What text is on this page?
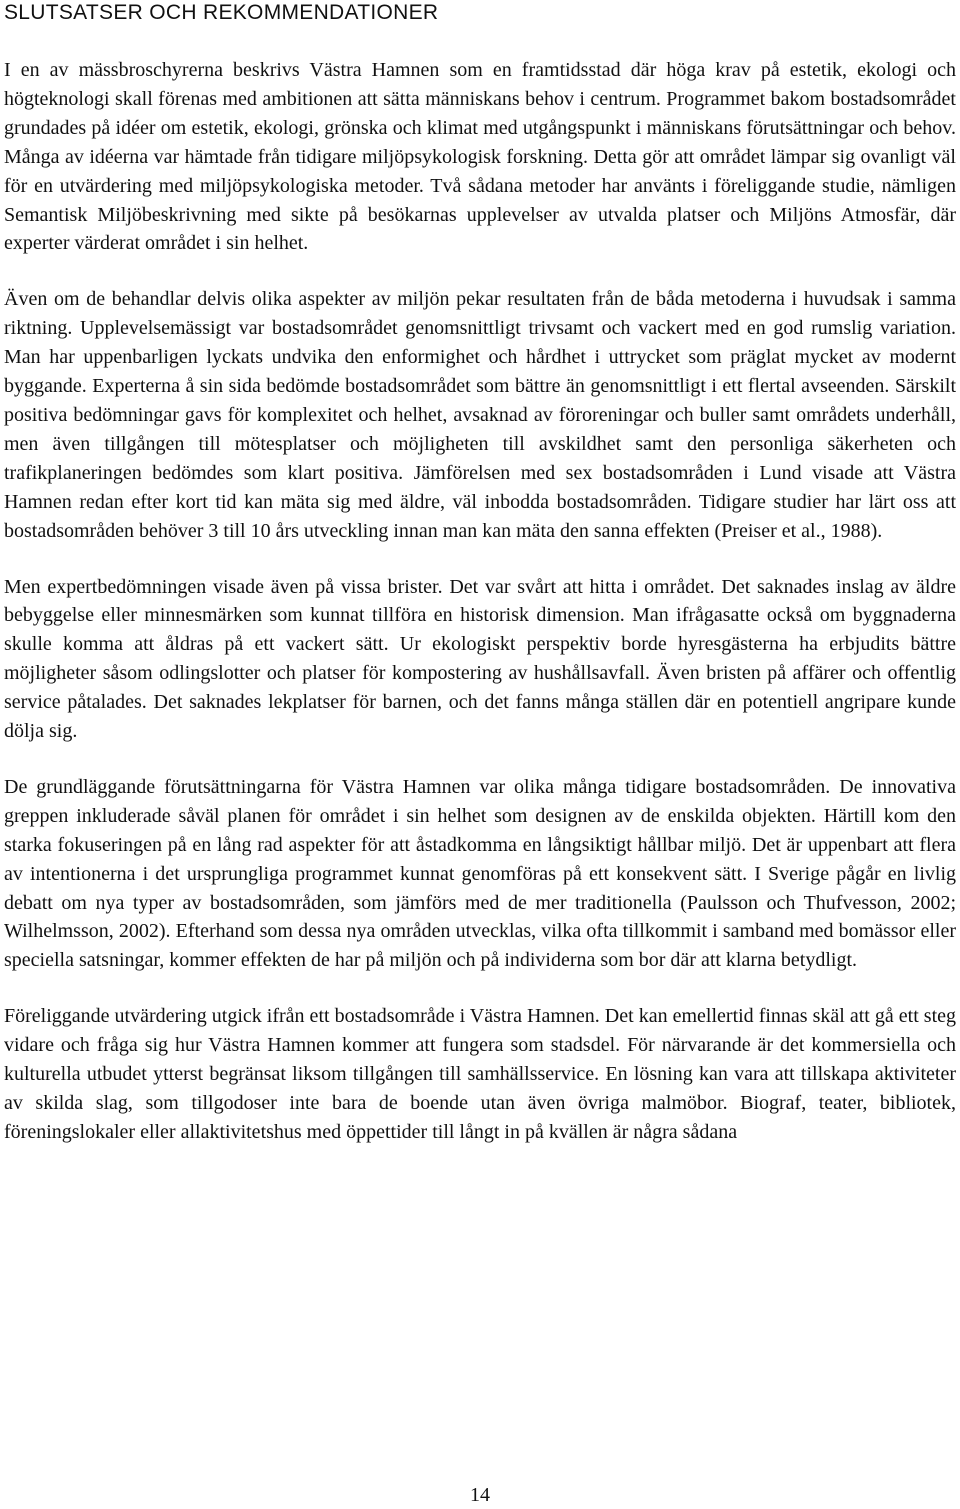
SLUTSATSER OCH REKOMMENDATIONER

I en av mässbroschyrerna beskrivs Västra Hamnen som en framtidsstad där höga krav på estetik, ekologi och högteknologi skall förenas med ambitionen att sätta människans behov i centrum. Programmet bakom bostadsområdet grundades på idéer om estetik, ekologi, grönska och klimat med utgångspunkt i människans förutsättningar och behov. Många av idéerna var hämtade från tidigare miljöpsykologisk forskning. Detta gör att området lämpar sig ovanligt väl för en utvärdering med miljöpsykologiska metoder. Två sådana metoder har använts i föreliggande studie, nämligen Semantisk Miljöbeskrivning med sikte på besökarnas upplevelser av utvalda platser och Miljöns Atmosfär, där experter värderat området i sin helhet.

Även om de behandlar delvis olika aspekter av miljön pekar resultaten från de båda metoderna i huvudsak i samma riktning. Upplevelsemässigt var bostadsområdet genomsnittligt trivsamt och vackert med en god rumslig variation. Man har uppenbarligen lyckats undvika den enformighet och hårdhet i uttrycket som präglat mycket av modernt byggande. Experterna å sin sida bedömde bostadsområdet som bättre än genomsnittligt i ett flertal avseenden. Särskilt positiva bedömningar gavs för komplexitet och helhet, avsaknad av föroreningar och buller samt områdets underhåll, men även tillgången till mötesplatser och möjligheten till avskildhet samt den personliga säkerheten och trafikplaneringen bedömdes som klart positiva. Jämförelsen med sex bostadsområden i Lund visade att Västra Hamnen redan efter kort tid kan mäta sig med äldre, väl inbodda bostadsområden. Tidigare studier har lärt oss att bostadsområden behöver 3 till 10 års utveckling innan man kan mäta den sanna effekten (Preiser et al., 1988).

Men expertbedömningen visade även på vissa brister. Det var svårt att hitta i området. Det saknades inslag av äldre bebyggelse eller minnesmärken som kunnat tillföra en historisk dimension. Man ifrågasatte också om byggnaderna skulle komma att åldras på ett vackert sätt. Ur ekologiskt perspektiv borde hyresgästerna ha erbjudits bättre möjligheter såsom odlingslotter och platser för kompostering av hushållsavfall. Även bristen på affärer och offentlig service påtalades. Det saknades lekplatser för barnen, och det fanns många ställen där en potentiell angripare kunde dölja sig.

De grundläggande förutsättningarna för Västra Hamnen var olika många tidigare bostadsområden. De innovativa greppen inkluderade såväl planen för området i sin helhet som designen av de enskilda objekten. Härtill kom den starka fokuseringen på en lång rad aspekter för att åstadkomma en långsiktigt hållbar miljö. Det är uppenbart att flera av intentionerna i det ursprungliga programmet kunnat genomföras på ett konsekvent sätt. I Sverige pågår en livlig debatt om nya typer av bostadsområden, som jämförs med de mer traditionella (Paulsson och Thufvesson, 2002; Wilhelmsson, 2002). Efterhand som dessa nya områden utvecklas, vilka ofta tillkommit i samband med bomässor eller speciella satsningar, kommer effekten de har på miljön och på individerna som bor där att klarna betydligt.

Föreliggande utvärdering utgick ifrån ett bostadsområde i Västra Hamnen. Det kan emellertid finnas skäl att gå ett steg vidare och fråga sig hur Västra Hamnen kommer att fungera som stadsdel. För närvarande är det kommersiella och kulturella utbudet ytterst begränsat liksom tillgången till samhällsservice. En lösning kan vara att tillskapa aktiviteter av skilda slag, som tillgodoser inte bara de boende utan även övriga malmöbor. Biograf, teater, bibliotek, föreningslokaler eller allaktivitetshus med öppettider till långt in på kvällen är några sådana

14
